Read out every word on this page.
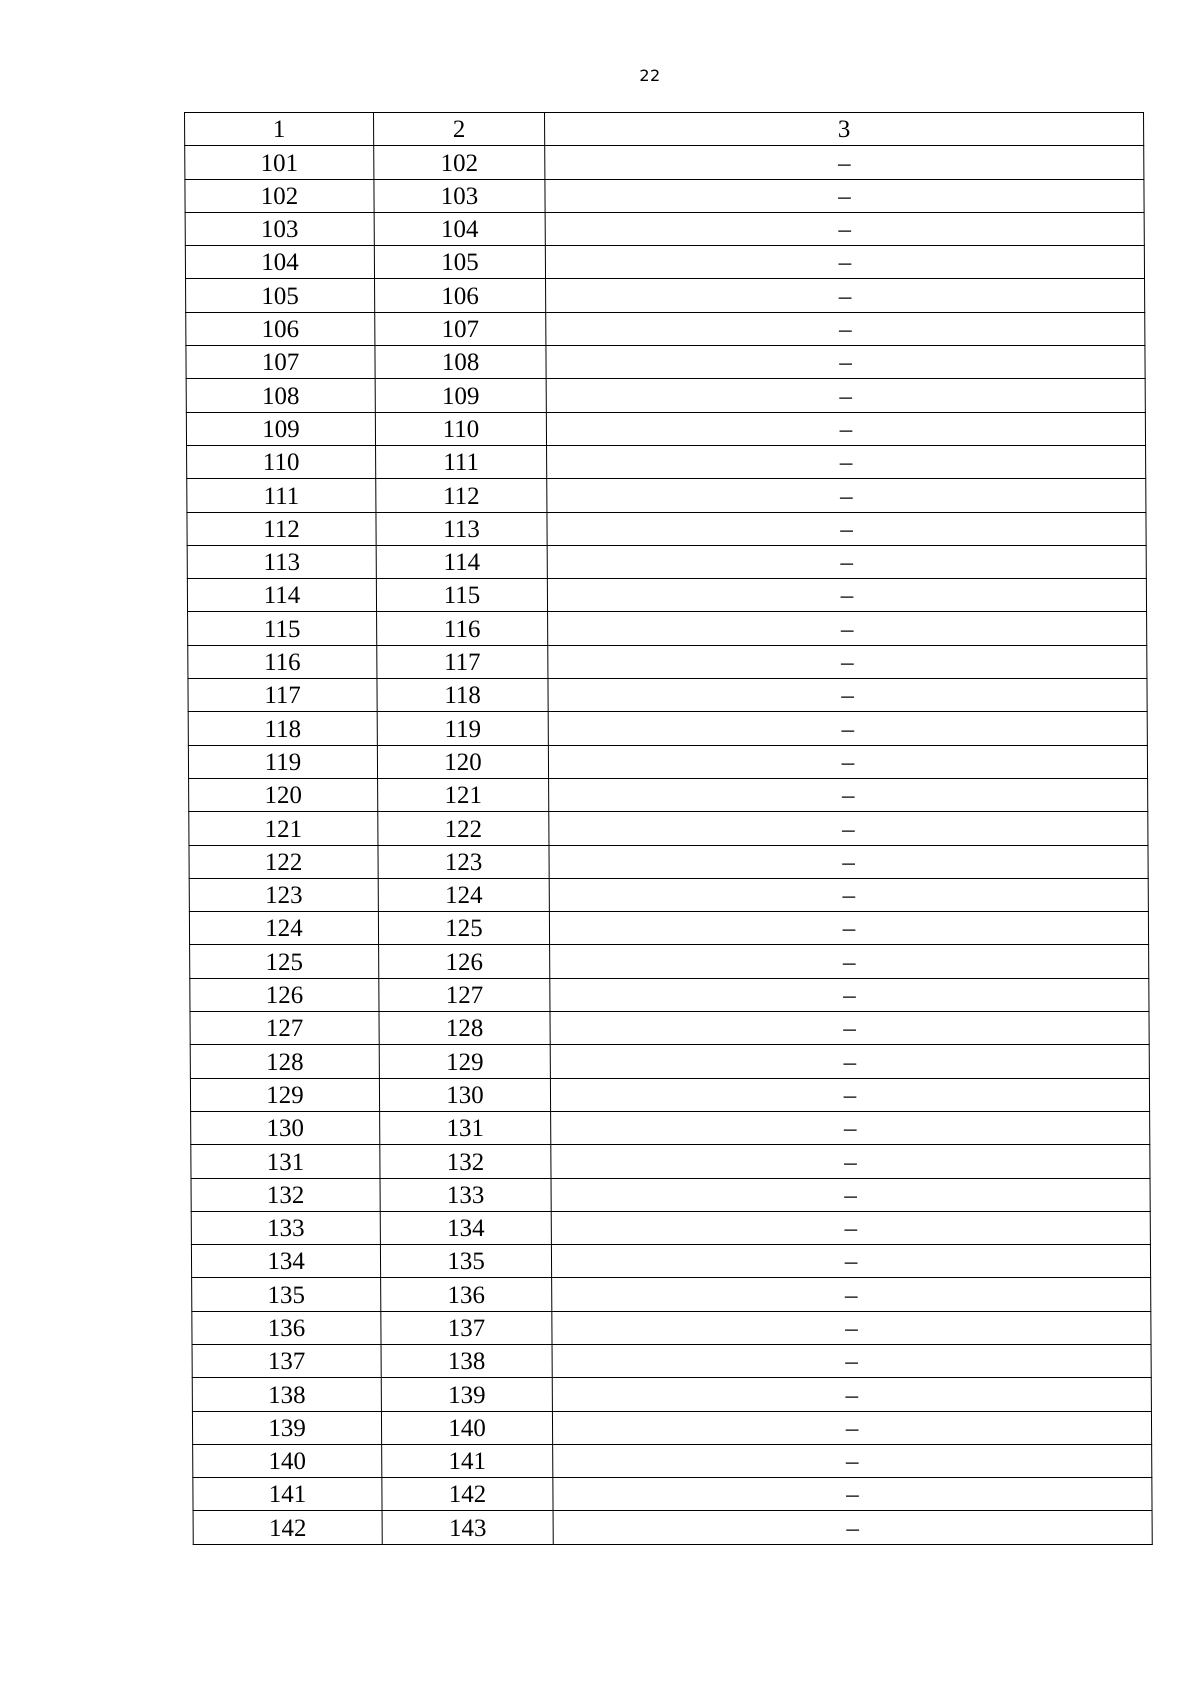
22
1	2	3
101	102	–
102	103	–
103	104	–
104	105	–
105	106	–
106	107	–
107	108	–
108	109	–
109	110	–
110	111	–
111	112	–
112	113	–
113	114	–
114	115	–
115	116	–
116	117	–
117	118	–
118	119	–
119	120	–
120	121	–
121	122	–
122	123	–
123	124	–
124	125	–
125	126	–
126	127	–
127	128	–
128	129	–
129	130	–
130	131	–
131	132	–
132	133	–
133	134	–
134	135	–
135	136	–
136	137	–
137	138	–
138	139	–
139	140	–
140	141	–
141	142	–
142	143	–
